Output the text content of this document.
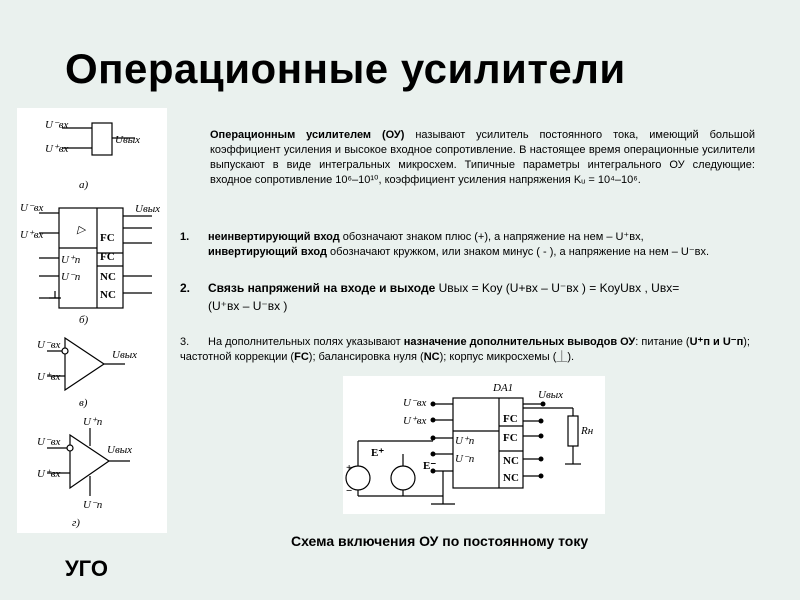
Операционные усилители
U⁻вх
U⁺вх
Uвых
а)
U⁻вх
U⁺вх
Uвых
▷
U⁺п
U⁻п
б)
U⁻вх
U⁺вх
Uвых
в)
U⁺п
U⁻вх
U⁺вх
Uвых
U⁻п
г)
FC
FC
NC
NC
УГО
Операционным усилителем (ОУ) называют усилитель постоянного тока, имеющий большой коэффициент усиления и высокое входное сопротивление. В настоящее время операционные усилители выпускают в виде интегральных микросхем. Типичные параметры интегрального ОУ следующие: входное сопротивление 10⁶–10¹⁰, коэффициент усиления напряжения Kᵤ = 10⁴–10⁶.
1. неинвертирующий вход обозначают знаком плюс (+), а напряжение на нем – U⁺вх,
инвертирующий вход обозначают кружком, или знаком минус ( - ), а напряжение на нем – U⁻вх.
2. Связь напряжений на входе и выходе Uвых = Kоу (U+вх – U⁻вх ) = KоуUвх , Uвх=
(U⁺вх – U⁻вх )
3. На дополнительных полях указывают назначение дополнительных выводов ОУ: питание (U⁺п и U⁻п); частотной коррекции (FC); балансировка нуля (NC); корпус микросхемы (⏊).
DA1
Uвых
U⁻вх
U⁺вх
U⁺п
U⁻п
Rн
FC
FC
NC
NC
E⁺
E⁻
+
−
Схема включения ОУ по постоянному току
